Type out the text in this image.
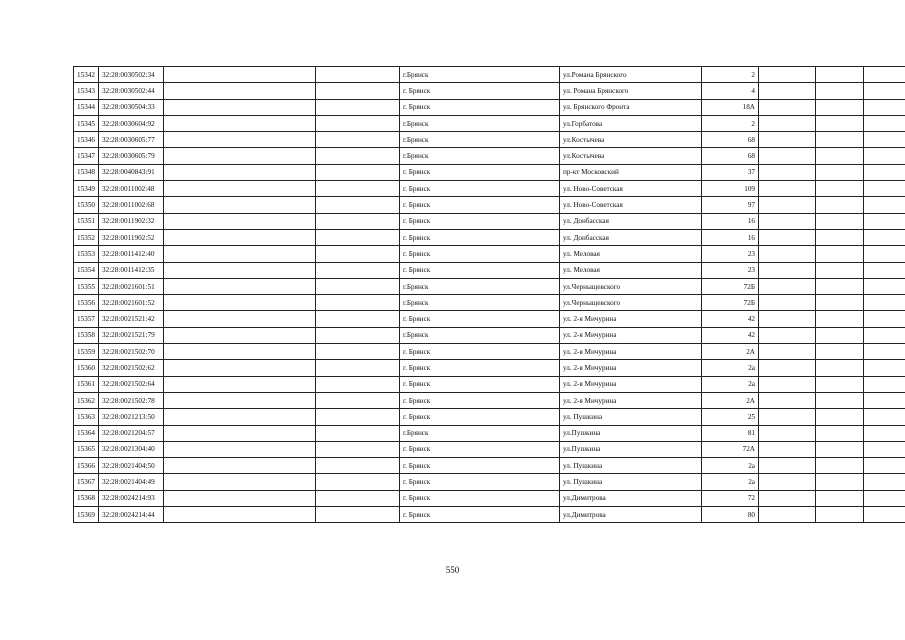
15342	32:28:0030502:34			г.Брянск	ул.Романа Брянского	2			
15343	32:28:0030502:44			г. Брянск	ул. Романа Брянского	4			
15344	32:28:0030504:33			г. Брянск	ул. Брянского Фронта	18А			
15345	32:28:0030604:92			г.Брянск	ул.Горбатова	2			
15346	32:28:0030605:77			г.Брянск	ул.Костычева	68			
15347	32:28:0030605:79			г.Брянск	ул.Костычева	68			
15348	32:28:0040843:91			г. Брянск	пр-кт Московский	37			
15349	32:28:0011002:48			г. Брянск	ул. Ново-Советская	109			
15350	32:28:0011002:68			г. Брянск	ул. Ново-Советская	97			
15351	32:28:0011902:32			г. Брянск	ул. Донбасская	16			
15352	32:28:0011902:52			г. Брянск	ул. Донбасская	16			
15353	32:28:0011412:40			г. Брянск	ул. Меловая	23			
15354	32:28:0011412:35			г. Брянск	ул. Меловая	23			
15355	32:28:0021601:51			г.Брянск	ул.Черныщевского	72Б			
15356	32:28:0021601:52			г.Брянск	ул.Черныщевского	72Б			
15357	32:28:0021521:42			г. Брянск	ул. 2-я Мичурина	42			
15358	32:28:0021521:79			г.Брянск	ул. 2-я Мичурина	42			
15359	32:28:0021502:70			г. Брянск	ул. 2-я Мичурина	2А			
15360	32:28:0021502:62			г. Брянск	ул. 2-я Мичурина	2а			
15361	32:28:0021502:64			г. Брянск	ул. 2-я Мичурина	2а			
15362	32:28:0021502:78			г. Брянск	ул. 2-я Мичурина	2А			
15363	32:28:0021213:50			г. Брянск	ул. Пушкина	25			
15364	32:28:0021204:57			г.Брянск	ул.Пушкина	81			
15365	32:28:0021304:40			г. Брянск	ул.Пушкина	72А			
15366	32:28:0021404:50			г. Брянск	ул. Пушкина	2а			
15367	32:28:0021404:49			г. Брянск	ул. Пушкина	2а			
15368	32:28:0024214:93			г. Брянск	ул.Димитрова	72			
15369	32:28:0024214:44			г. Брянск	ул.Димитрова	80			
550
